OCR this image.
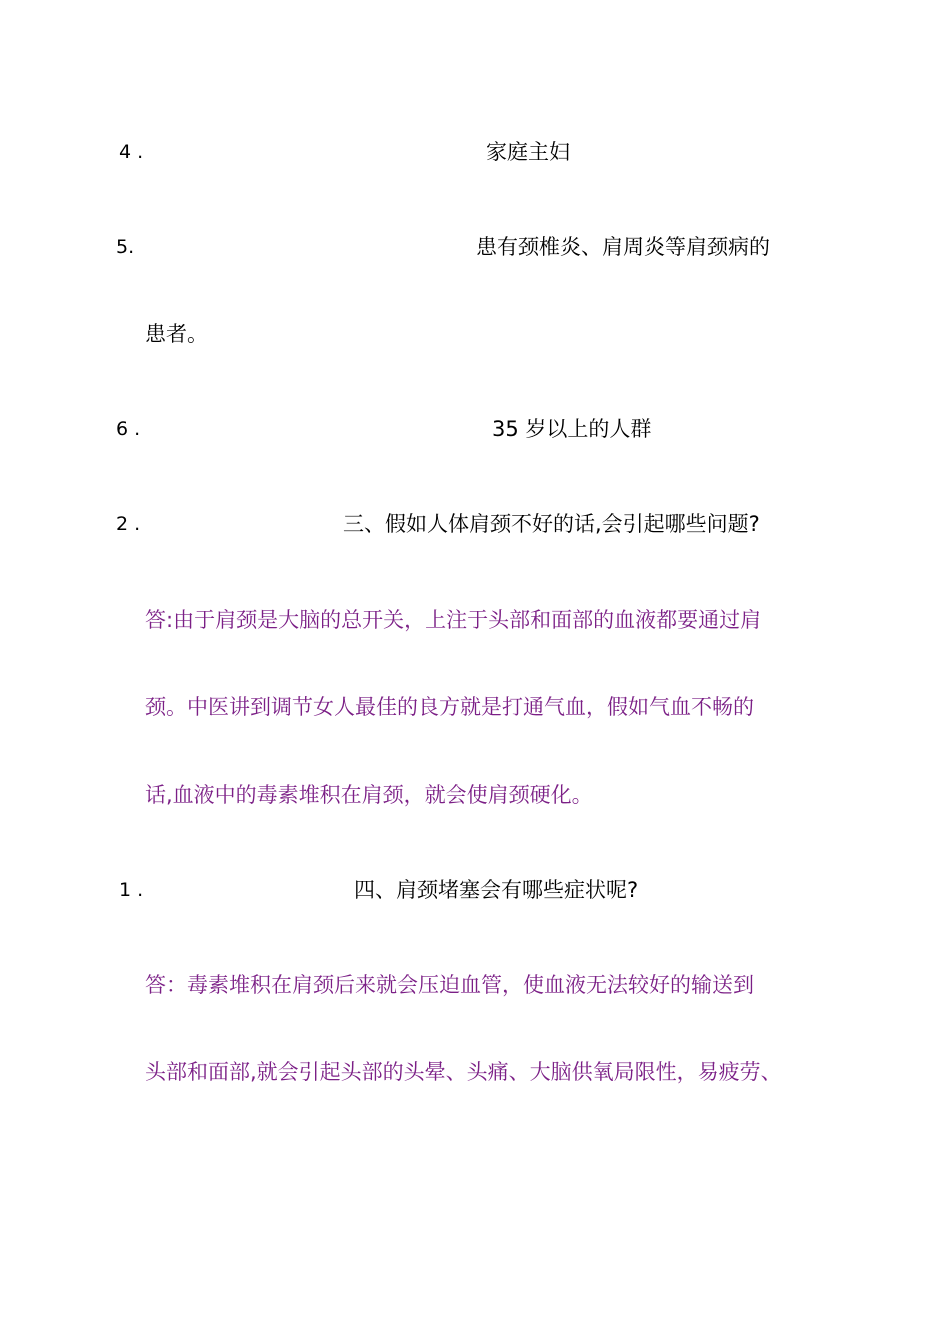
4 .	家庭主妇
5.	患有颈椎炎、肩周炎等肩颈病的
患者。
6 .	35 岁以上的人群
2 .	三、假如人体肩颈不好的话,会引起哪些问题?
答:由于肩颈是大脑的总开关，上注于头部和面部的血液都要通过肩
颈。中医讲到调节女人最佳的良方就是打通气血，假如气血不畅的
话,血液中的毒素堆积在肩颈，就会使肩颈硬化。
1 .	四、肩颈堵塞会有哪些症状呢?
答：毒素堆积在肩颈后来就会压迫血管，使血液无法较好的输送到
头部和面部,就会引起头部的头晕、头痛、大脑供氧局限性，易疲劳、
